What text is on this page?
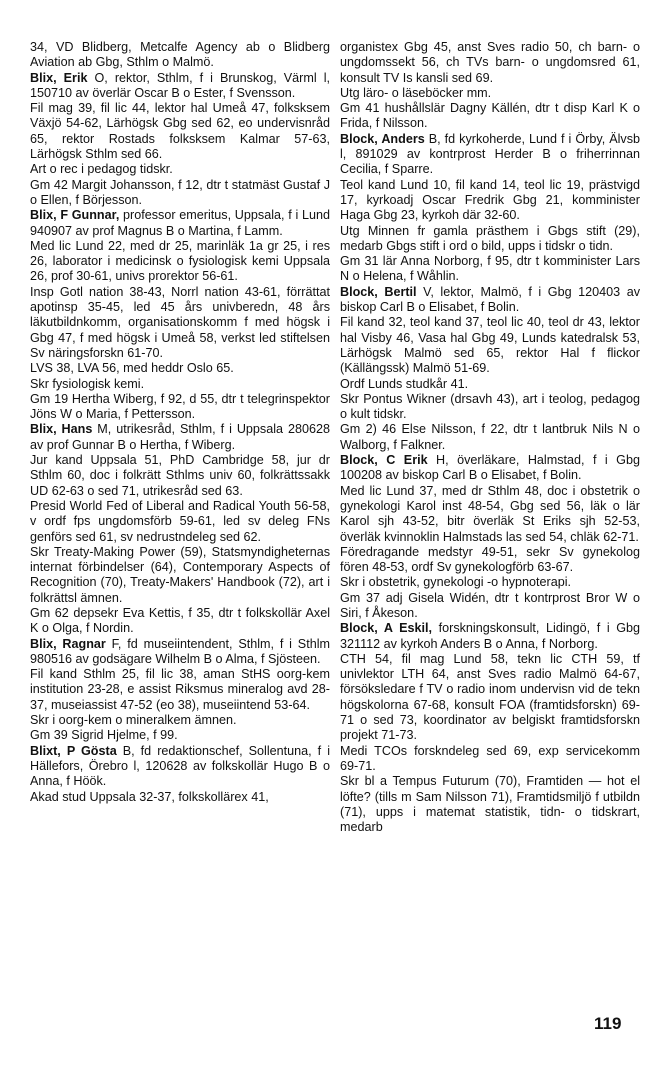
34, VD Blidberg, Metcalfe Agency ab o Blidberg Aviation ab Gbg, Sthlm o Malmö.

Blix, Erik O, rektor, Sthlm, f i Brunskog, Värml l, 150710 av överlär Oscar B o Ester, f Svensson.

Fil mag 39, fil lic 44, lektor hal Umeå 47, folksksem Växjö 54-62, Lärhögsk Gbg sed 62, eo undervisnråd 65, rektor Rostads folksksem Kalmar 57-63, Lärhögsk Sthlm sed 66.

Art o rec i pedagog tidskr.

Gm 42 Margit Johansson, f 12, dtr t statmäst Gustaf J o Ellen, f Börjesson.

Blix, F Gunnar, professor emeritus, Uppsala, f i Lund 940907 av prof Magnus B o Martina, f Lamm.

Med lic Lund 22, med dr 25, marinläk 1a gr 25, i res 26, laborator i medicinsk o fysiologisk kemi Uppsala 26, prof 30-61, univs prorektor 56-61.

Insp Gotl nation 38-43, Norrl nation 43-61, förrättat apotinsp 35-45, led 45 års univberedn, 48 års läkutbildnkomm, organisationskomm f med högsk i Gbg 47, f med högsk i Umeå 58, verkst led stiftelsen Sv näringsforskn 61-70.

LVS 38, LVA 56, med heddr Oslo 65.

Skr fysiologisk kemi.

Gm 19 Hertha Wiberg, f 92, d 55, dtr t telegrinspektor Jöns W o Maria, f Pettersson.

Blix, Hans M, utrikesråd, Sthlm, f i Uppsala 280628 av prof Gunnar B o Hertha, f Wiberg.

Jur kand Uppsala 51, PhD Cambridge 58, jur dr Sthlm 60, doc i folkrätt Sthlms univ 60, folkrättssakk UD 62-63 o sed 71, utrikesråd sed 63.

Presid World Fed of Liberal and Radical Youth 56-58, v ordf fps ungdomsförb 59-61, led sv deleg FNs genförs sed 61, sv nedrustndeleg sed 62.

Skr Treaty-Making Power (59), Statsmyndigheternas internat förbindelser (64), Contemporary Aspects of Recognition (70), Treaty-Makers' Handbook (72), art i folkrättsl ämnen.

Gm 62 depsekr Eva Kettis, f 35, dtr t folkskollär Axel K o Olga, f Nordin.

Blix, Ragnar F, fd museiintendent, Sthlm, f i Sthlm 980516 av godsägare Wilhelm B o Alma, f Sjösteen.

Fil kand Sthlm 25, fil lic 38, aman StHS oorg-kem institution 23-28, e assist Riksmus mineralog avd 28-37, museiassist 47-52 (eo 38), museiintend 53-64.

Skr i oorg-kem o mineralkem ämnen.

Gm 39 Sigrid Hjelme, f 99.

Blixt, P Gösta B, fd redaktionschef, Sollentuna, f i Hällefors, Örebro l, 120628 av folkskollär Hugo B o Anna, f Höök.

Akad stud Uppsala 32-37, folkskollärex 41,

organistex Gbg 45, anst Sves radio 50, ch barn- o ungdomssekt 56, ch TVs barn- o ungdomsred 61, konsult TV Is kansli sed 69.

Utg läro- o läseböcker mm.

Gm 41 hushållslär Dagny Källén, dtr t disp Karl K o Frida, f Nilsson.

Block, Anders B, fd kyrkoherde, Lund f i Örby, Älvsb l, 891029 av kontrprost Herder B o friherrinnan Cecilia, f Sparre.

Teol kand Lund 10, fil kand 14, teol lic 19, prästvigd 17, kyrkoadj Oscar Fredrik Gbg 21, komminister Haga Gbg 23, kyrkoh där 32-60.

Utg Minnen fr gamla prästhem i Gbgs stift (29), medarb Gbgs stift i ord o bild, upps i tidskr o tidn.

Gm 31 lär Anna Norborg, f 95, dtr t komminister Lars N o Helena, f Wåhlin.

Block, Bertil V, lektor, Malmö, f i Gbg 120403 av biskop Carl B o Elisabet, f Bolin.

Fil kand 32, teol kand 37, teol lic 40, teol dr 43, lektor hal Visby 46, Vasa hal Gbg 49, Lunds katedralsk 53, Lärhögsk Malmö sed 65, rektor Hal f flickor (Källängssk) Malmö 51-69.

Ordf Lunds studkår 41.

Skr Pontus Wikner (drsavh 43), art i teolog, pedagog o kult tidskr.

Gm 2) 46 Else Nilsson, f 22, dtr t lantbruk Nils N o Walborg, f Falkner.

Block, C Erik H, överläkare, Halmstad, f i Gbg 100208 av biskop Carl B o Elisabet, f Bolin.

Med lic Lund 37, med dr Sthlm 48, doc i obstetrik o gynekologi Karol inst 48-54, Gbg sed 56, läk o lär Karol sjh 43-52, bitr överläk St Eriks sjh 52-53, överläk kvinnoklin Halmstads las sed 54, chläk 62-71.

Föredragande medstyr 49-51, sekr Sv gynekolog fören 48-53, ordf Sv gynekologförb 63-67.

Skr i obstetrik, gynekologi -o hypnoterapi.

Gm 37 adj Gisela Widén, dtr t kontrprost Bror W o Siri, f Åkeson.

Block, A Eskil, forskningskonsult, Lidingö, f i Gbg 321112 av kyrkoh Anders B o Anna, f Norborg.

CTH 54, fil mag Lund 58, tekn lic CTH 59, tf univlektor LTH 64, anst Sves radio Malmö 64-67, försöksledare f TV o radio inom undervisn vid de tekn högskolorna 67-68, konsult FOA (framtidsforskn) 69-71 o sed 73, koordinator av belgiskt framtidsforskn projekt 71-73.

Medi TCOs forskndeleg sed 69, exp servicekomm 69-71.

Skr bl a Tempus Futurum (70), Framtiden — hot el löfte? (tills m Sam Nilsson 71), Framtidsmiljö f utbildn (71), upps i matemat statistik, tidn- o tidskrart, medarb

119
